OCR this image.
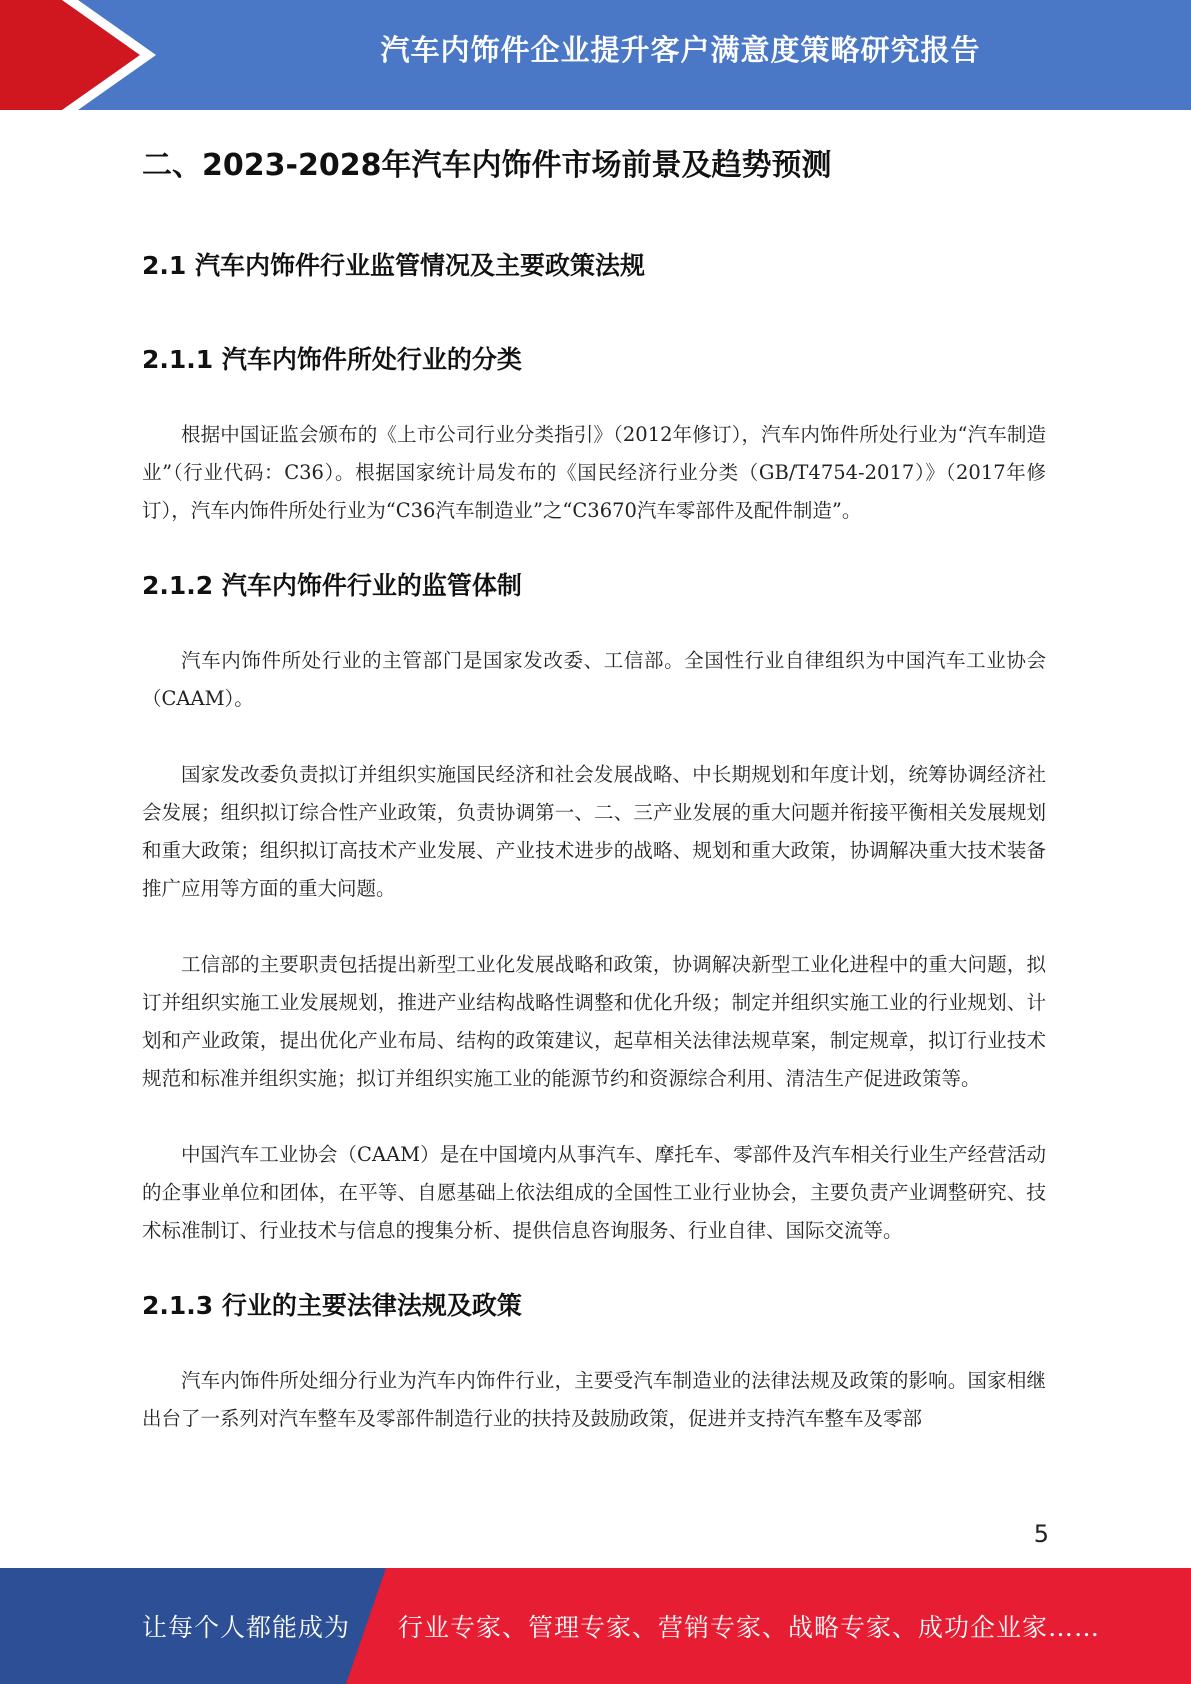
汽车内饰件企业提升客户满意度策略研究报告
二、2023-2028年汽车内饰件市场前景及趋势预测
2.1 汽车内饰件行业监管情况及主要政策法规
2.1.1 汽车内饰件所处行业的分类

根据中国证监会颁布的《上市公司行业分类指引》（2012年修订），汽车内饰件所处行业为“汽车制造业”（行业代码：C36）。根据国家统计局发布的《国民经济行业分类（GB/T4754-2017）》（2017年修订），汽车内饰件所处行业为“C36汽车制造业”之“C3670汽车零部件及配件制造”。

2.1.2 汽车内饰件行业的监管体制

汽车内饰件所处行业的主管部门是国家发改委、工信部。全国性行业自律组织为中国汽车工业协会（CAAM）。

国家发改委负责拟订并组织实施国民经济和社会发展战略、中长期规划和年度计划，统筹协调经济社会发展；组织拟订综合性产业政策，负责协调第一、二、三产业发展的重大问题并衔接平衡相关发展规划和重大政策；组织拟订高技术产业发展、产业技术进步的战略、规划和重大政策，协调解决重大技术装备推广应用等方面的重大问题。

工信部的主要职责包括提出新型工业化发展战略和政策，协调解决新型工业化进程中的重大问题，拟订并组织实施工业发展规划，推进产业结构战略性调整和优化升级；制定并组织实施工业的行业规划、计划和产业政策，提出优化产业布局、结构的政策建议，起草相关法律法规草案，制定规章，拟订行业技术规范和标准并组织实施；拟订并组织实施工业的能源节约和资源综合利用、清洁生产促进政策等。

中国汽车工业协会（CAAM）是在中国境内从事汽车、摩托车、零部件及汽车相关行业生产经营活动的企事业单位和团体，在平等、自愿基础上依法组成的全国性工业行业协会，主要负责产业调整研究、技术标准制订、行业技术与信息的搜集分析、提供信息咨询服务、行业自律、国际交流等。

2.1.3 行业的主要法律法规及政策

汽车内饰件所处细分行业为汽车内饰件行业，主要受汽车制造业的法律法规及政策的影响。国家相继出台了一系列对汽车整车及零部件制造行业的扶持及鼓励政策，促进并支持汽车整车及零部

5
让每个人都能成为 行业专家、管理专家、营销专家、战略专家、成功企业家……
